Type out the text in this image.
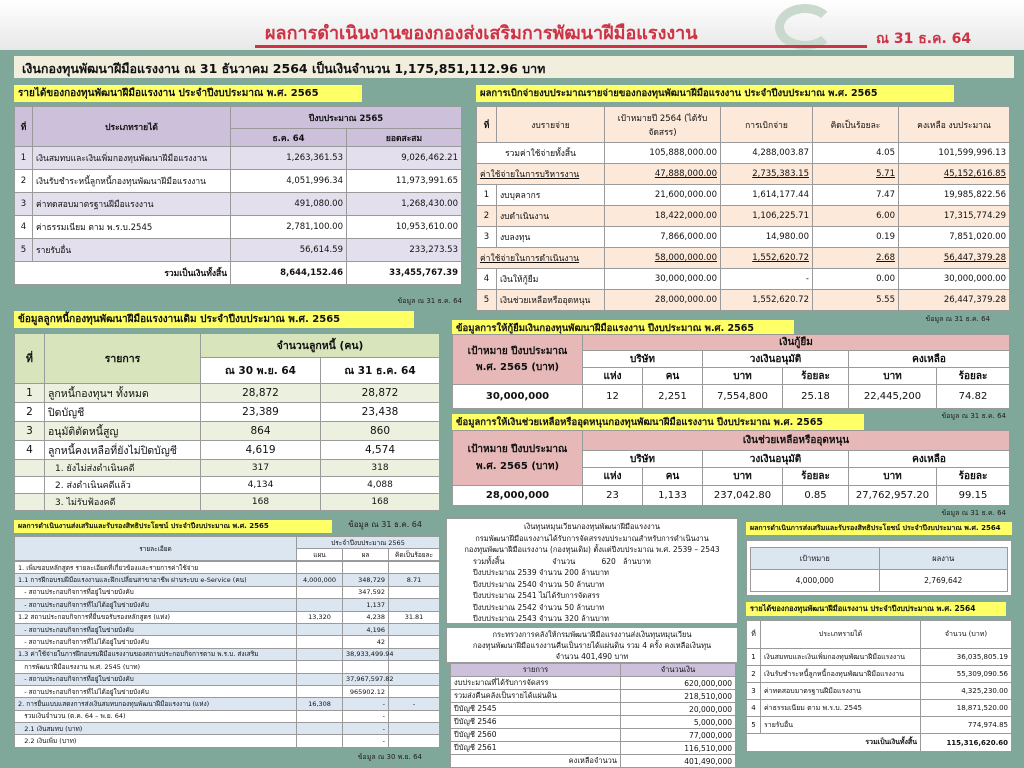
ผลการดำเนินงานของกองส่งเสริมการพัฒนาฝีมือแรงงาน	ณ 31 ธ.ค. 64
เงินกองทุนพัฒนาฝีมือแรงงาน ณ 31 ธันวาคม 2564 เป็นเงินจำนวน 1,175,851,112.96 บาท
รายได้ของกองทุนพัฒนาฝีมือแรงงาน ประจำปีงบประมาณ พ.ศ. 2565
ที่	ประเภทรายได้	ปีงบประมาณ 2565	
		ธ.ค. 64	ยอดสะสม
1	เงินสมทบและเงินเพิ่มกองทุนพัฒนาฝีมือแรงงาน	1,263,361.53	9,026,462.21
2	เงินรับชำระหนี้ลูกหนี้กองทุนพัฒนาฝีมือแรงงาน	4,051,996.34	11,973,991.65
3	ค่าทดสอบมาตรฐานฝีมือแรงงาน	491,080.00	1,268,430.00
4	ค่าธรรมเนียม ตาม พ.ร.บ.2545	2,781,100.00	10,953,610.00
5	รายรับอื่น	56,614.59	233,273.53
รวมเป็นเงินทั้งสิ้น		8,644,152.46	33,455,767.39
ข้อมูล ณ 31 ธ.ค. 64
ผลการเบิกจ่ายงบประมาณรายจ่ายของกองทุนพัฒนาฝีมือแรงงาน ประจำปีงบประมาณ พ.ศ. 2565
ที่	งบรายจ่าย	เป้าหมายปี 2564 (ได้รับจัดสรร)	การเบิกจ่าย	คิดเป็นร้อยละ	คงเหลือ งบประมาณ
รวมค่าใช้จ่ายทั้งสิ้น		105,888,000.00	4,288,003.87	4.05	101,599,996.13
ค่าใช้จ่ายในการบริหารงาน		47,888,000.00	2,735,383.15	5.71	45,152,616.85
1	งบบุคลากร	21,600,000.00	1,614,177.44	7.47	19,985,822.56
2	งบดำเนินงาน	18,422,000.00	1,106,225.71	6.00	17,315,774.29
3	งบลงทุน	7,866,000.00	14,980.00	0.19	7,851,020.00
ค่าใช้จ่ายในการดำเนินงาน		58,000,000.00	1,552,620.72	2.68	56,447,379.28
4	เงินให้กู้ยืม	30,000,000.00	-	0.00	30,000,000.00
5	เงินช่วยเหลือหรืออุดหนุน	28,000,000.00	1,552,620.72	5.55	26,447,379.28
ข้อมูล ณ 31 ธ.ค. 64
ข้อมูลลูกหนี้กองทุนพัฒนาฝีมือแรงงานเดิม ประจำปีงบประมาณ พ.ศ. 2565
ที่	รายการ	จำนวนลูกหนี้ (คน)	
		ณ 30 พ.ย. 64	ณ 31 ธ.ค. 64
1	ลูกหนี้กองทุนฯ ทั้งหมด	28,872	28,872
2	ปิดบัญชี	23,389	23,438
3	อนุมัติตัดหนี้สูญ	864	860
4	ลูกหนี้คงเหลือที่ยังไม่ปิดบัญชี	4,619	4,574
	1. ยังไม่ส่งดำเนินคดี	317	318
	2. ส่งดำเนินคดีแล้ว	4,134	4,088
	3. ไม่รับฟ้องคดี	168	168
ข้อมูลการให้กู้ยืมเงินกองทุนพัฒนาฝีมือแรงงาน ปีงบประมาณ พ.ศ. 2565
เป้าหมาย ปีงบประมาณ พ.ศ. 2565 (บาท)	เงินกู้ยืม					
	บริษัท		วงเงินอนุมัติ		คงเหลือ	
	แห่ง	คน	บาท	ร้อยละ	บาท	ร้อยละ
30,000,000	12	2,251	7,554,800	25.18	22,445,200	74.82
ข้อมูล ณ 31 ธ.ค. 64
ข้อมูลการให้เงินช่วยเหลือหรืออุดหนุนกองทุนพัฒนาฝีมือแรงงาน ปีงบประมาณ พ.ศ. 2565
เป้าหมาย ปีงบประมาณ พ.ศ. 2565 (บาท)	เงินช่วยเหลือหรืออุดหนุน					
	บริษัท		วงเงินอนุมัติ		คงเหลือ	
	แห่ง	คน	บาท	ร้อยละ	บาท	ร้อยละ
28,000,000	23	1,133	237,042.80	0.85	27,762,957.20	99.15
ข้อมูล ณ 31 ธ.ค. 64
ผลการดำเนินงานส่งเสริมและรับรองสิทธิประโยชน์ ประจำปีงบประมาณ พ.ศ. 2565	ข้อมูล ณ 31 ธ.ค. 64
รายละเอียด	ประจำปีงบประมาณ 2565		
	แผน	ผล	คิดเป็นร้อยละ
1. เพิ่มขอบหลักสูตร รายละเอียดที่เกี่ยวข้องและรายการค่าใช้จ่าย			
1.1 การฝึกอบรมฝีมือแรงงานและฝึกเปลี่ยนสาขาอาชีพ ผ่านระบบ e-Service (คน)	4,000,000	348,729	8.71
- สถานประกอบกิจการที่อยู่ในข่ายบังคับ		347,592	
- สถานประกอบกิจการที่ไม่ได้อยู่ในข่ายบังคับ		1,137	
1.2 สถานประกอบกิจการที่ยื่นขอรับรองหลักสูตร (แห่ง)	13,320	4,238	31.81
- สถานประกอบกิจการที่อยู่ในข่ายบังคับ		4,196	
- สถานประกอบกิจการที่ไม่ได้อยู่ในข่ายบังคับ		42	
1.3 ค่าใช้จ่ายในการฝึกอบรมฝีมือแรงงานของสถานประกอบกิจการตาม พ.ร.บ. ส่งเสริม		38,933,499.94	
การพัฒนาฝีมือแรงงาน พ.ศ. 2545 (บาท)			
- สถานประกอบกิจการที่อยู่ในข่ายบังคับ		37,967,597.82	
- สถานประกอบกิจการที่ไม่ได้อยู่ในข่ายบังคับ		965902.12	
2. การยื่นแบบแสดงการส่งเงินสมทบกองทุนพัฒนาฝีมือแรงงาน (แห่ง)	16,308	-	-
รวมเงินจำนวน (ต.ค. 64 – พ.ย. 64)		-	
2.1 เงินสมทบ (บาท)		-	
2.2 เงินเพิ่ม (บาท)		-	
ข้อมูล ณ 30 พ.ย. 64
เงินทุนหมุนเวียนกองทุนพัฒนาฝีมือแรงงาน
กรมพัฒนาฝีมือแรงงานได้รับการจัดสรรงบประมาณสำหรับการดำเนินงาน
กองทุนพัฒนาฝีมือแรงงาน (กองทุนเดิม) ตั้งแต่ปีงบประมาณ พ.ศ. 2539 – 2543
รวมทั้งสิ้น                    จำนวน           620   ล้านบาท
ปีงบประมาณ 2539 จำนวน 200 ล้านบาท
ปีงบประมาณ 2540 จำนวน 50 ล้านบาท
ปีงบประมาณ 2541 ไม่ได้รับการจัดสรร
ปีงบประมาณ 2542 จำนวน 50 ล้านบาท
ปีงบประมาณ 2543 จำนวน 320 ล้านบาท
กระทรวงการคลังให้กรมพัฒนาฝีมือแรงงานส่งเงินทุนหมุนเวียน
กองทุนพัฒนาฝีมือแรงงานคืนเป็นรายได้แผ่นดิน รวม 4 ครั้ง คงเหลือเงินทุน
จำนวน 401,490 บาท
รายการ	จำนวนเงิน
งบประมาณที่ได้รับการจัดสรร	620,000,000
รวมส่งคืนคลังเป็นรายได้แผ่นดิน	218,510,000
ปีบัญชี 2545	20,000,000
ปีบัญชี 2546	5,000,000
ปีบัญชี 2560	77,000,000
ปีบัญชี 2561	116,510,000
คงเหลือจำนวน	401,490,000
ผลการดำเนินการส่งเสริมและรับรองสิทธิประโยชน์ ประจำปีงบประมาณ พ.ศ. 2564
เป้าหมาย	ผลงาน
4,000,000	2,769,642
รายได้ของกองทุนพัฒนาฝีมือแรงงาน ประจำปีงบประมาณ พ.ศ. 2564
ที่	ประเภทรายได้	จำนวน (บาท)
1	เงินสมทบและเงินเพิ่มกองทุนพัฒนาฝีมือแรงงาน	36,035,805.19
2	เงินรับชำระหนี้ลูกหนี้กองทุนพัฒนาฝีมือแรงงาน	55,309,090.56
3	ค่าทดสอบมาตรฐานฝีมือแรงงาน	4,325,230.00
4	ค่าธรรมเนียม ตาม พ.ร.บ. 2545	18,871,520.00
5	รายรับอื่น	774,974.85
รวมเป็นเงินทั้งสิ้น		115,316,620.60
